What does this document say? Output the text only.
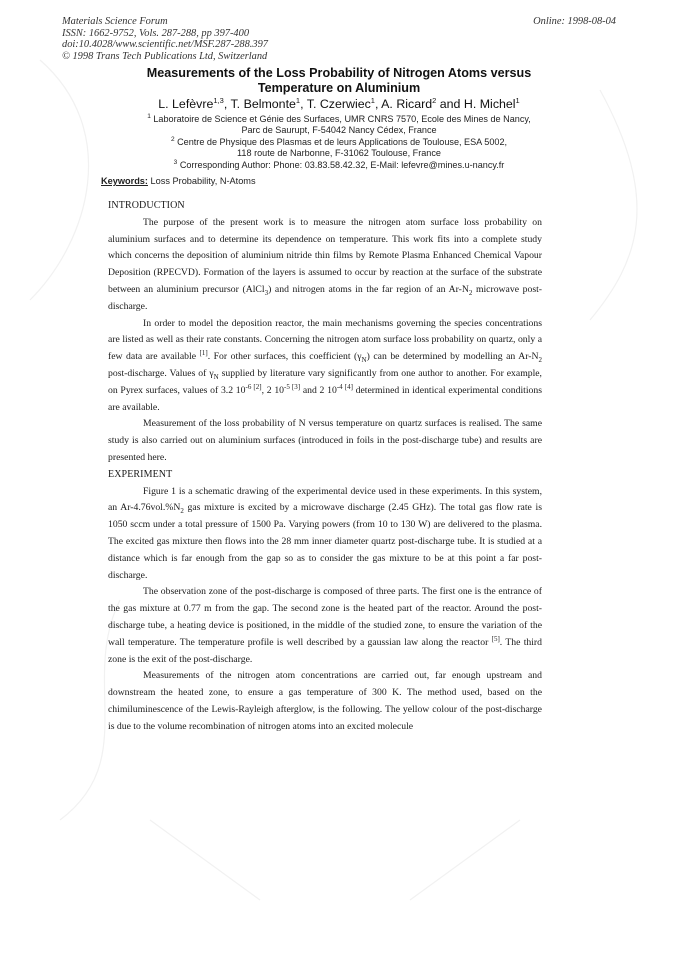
Materials Science Forum
ISSN: 1662-9752, Vols. 287-288, pp 397-400
doi:10.4028/www.scientific.net/MSF.287-288.397
© 1998 Trans Tech Publications Ltd, Switzerland
Online: 1998-08-04
Measurements of the Loss Probability of Nitrogen Atoms versus
Temperature on Aluminium
L. Lefèvre$^{1,3}$, T. Belmonte$^1$, T. Czerwiec$^1$, A. Ricard$^2$ and H. Michel$^1$
$^1$ Laboratoire de Science et Génie des Surfaces, UMR CNRS 7570, Ecole des Mines de Nancy,
Parc de Saurupt, F-54042 Nancy Cédex, France
$^2$ Centre de Physique des Plasmas et de leurs Applications de Toulouse, ESA 5002,
118 route de Narbonne, F-31062 Toulouse, France
$^3$ Corresponding Author: Phone: 03.83.58.42.32, E-Mail: lefevre@mines.u-nancy.fr
Keywords: Loss Probability, N-Atoms
INTRODUCTION

The purpose of the present work is to measure the nitrogen atom surface loss probability on aluminium surfaces and to determine its dependence on temperature. This work fits into a complete study which concerns the deposition of aluminium nitride thin films by Remote Plasma Enhanced Chemical Vapour Deposition (RPECVD). Formation of the layers is assumed to occur by reaction at the surface of the substrate between an aluminium precursor (AlCl$_3$) and nitrogen atoms in the far region of an $Ar-N_2$ microwave post-discharge.

In order to model the deposition reactor, the main mechanisms governing the species concentrations are listed as well as their rate constants. Concerning the nitrogen atom surface loss probability on quartz, only a few data are available [1]. For other surfaces, this coefficient $(\gamma_N)$ can be determined by modelling an $Ar-N_2$ post-discharge. Values of $\gamma_N$ supplied by literature vary significantly from one author to another. For example, on Pyrex surfaces, values of 3.2 $10^{-6}$ [2], 2 $10^{-5}$ [3] and 2 $10^{-4}$ [4] determined in identical experimental conditions are available.

Measurement of the loss probability of N versus temperature on quartz surfaces is realised. The same study is also carried out on aluminium surfaces (introduced in foils in the post-discharge tube) and results are presented here.

EXPERIMENT

Figure 1 is a schematic drawing of the experimental device used in these experiments. In this system, an $Ar-4.76vol.\%N_2$ gas mixture is excited by a microwave discharge (2.45 GHz). The total gas flow rate is 1050 sccm under a total pressure of 1500 Pa. Varying powers (from 10 to 130 W) are delivered to the plasma. The excited gas mixture then flows into the 28 mm inner diameter quartz post-discharge tube. It is studied at a distance which is far enough from the gap so as to consider the gas mixture to be at this point a far post-discharge.

The observation zone of the post-discharge is composed of three parts. The first one is the entrance of the gas mixture at 0.77 m from the gap. The second zone is the heated part of the reactor. Around the post-discharge tube, a heating device is positioned, in the middle of the studied zone, to ensure the variation of the wall temperature. The temperature profile is well described by a gaussian law along the reactor [5]. The third zone is the exit of the post-discharge.

Measurements of the nitrogen atom concentrations are carried out, far enough upstream and downstream the heated zone, to ensure a gas temperature of 300 K. The method used, based on the chimiluminescence of the Lewis-Rayleigh afterglow, is the following. The yellow colour of the post-discharge is due to the volume recombination of nitrogen atoms into an excited molecule
